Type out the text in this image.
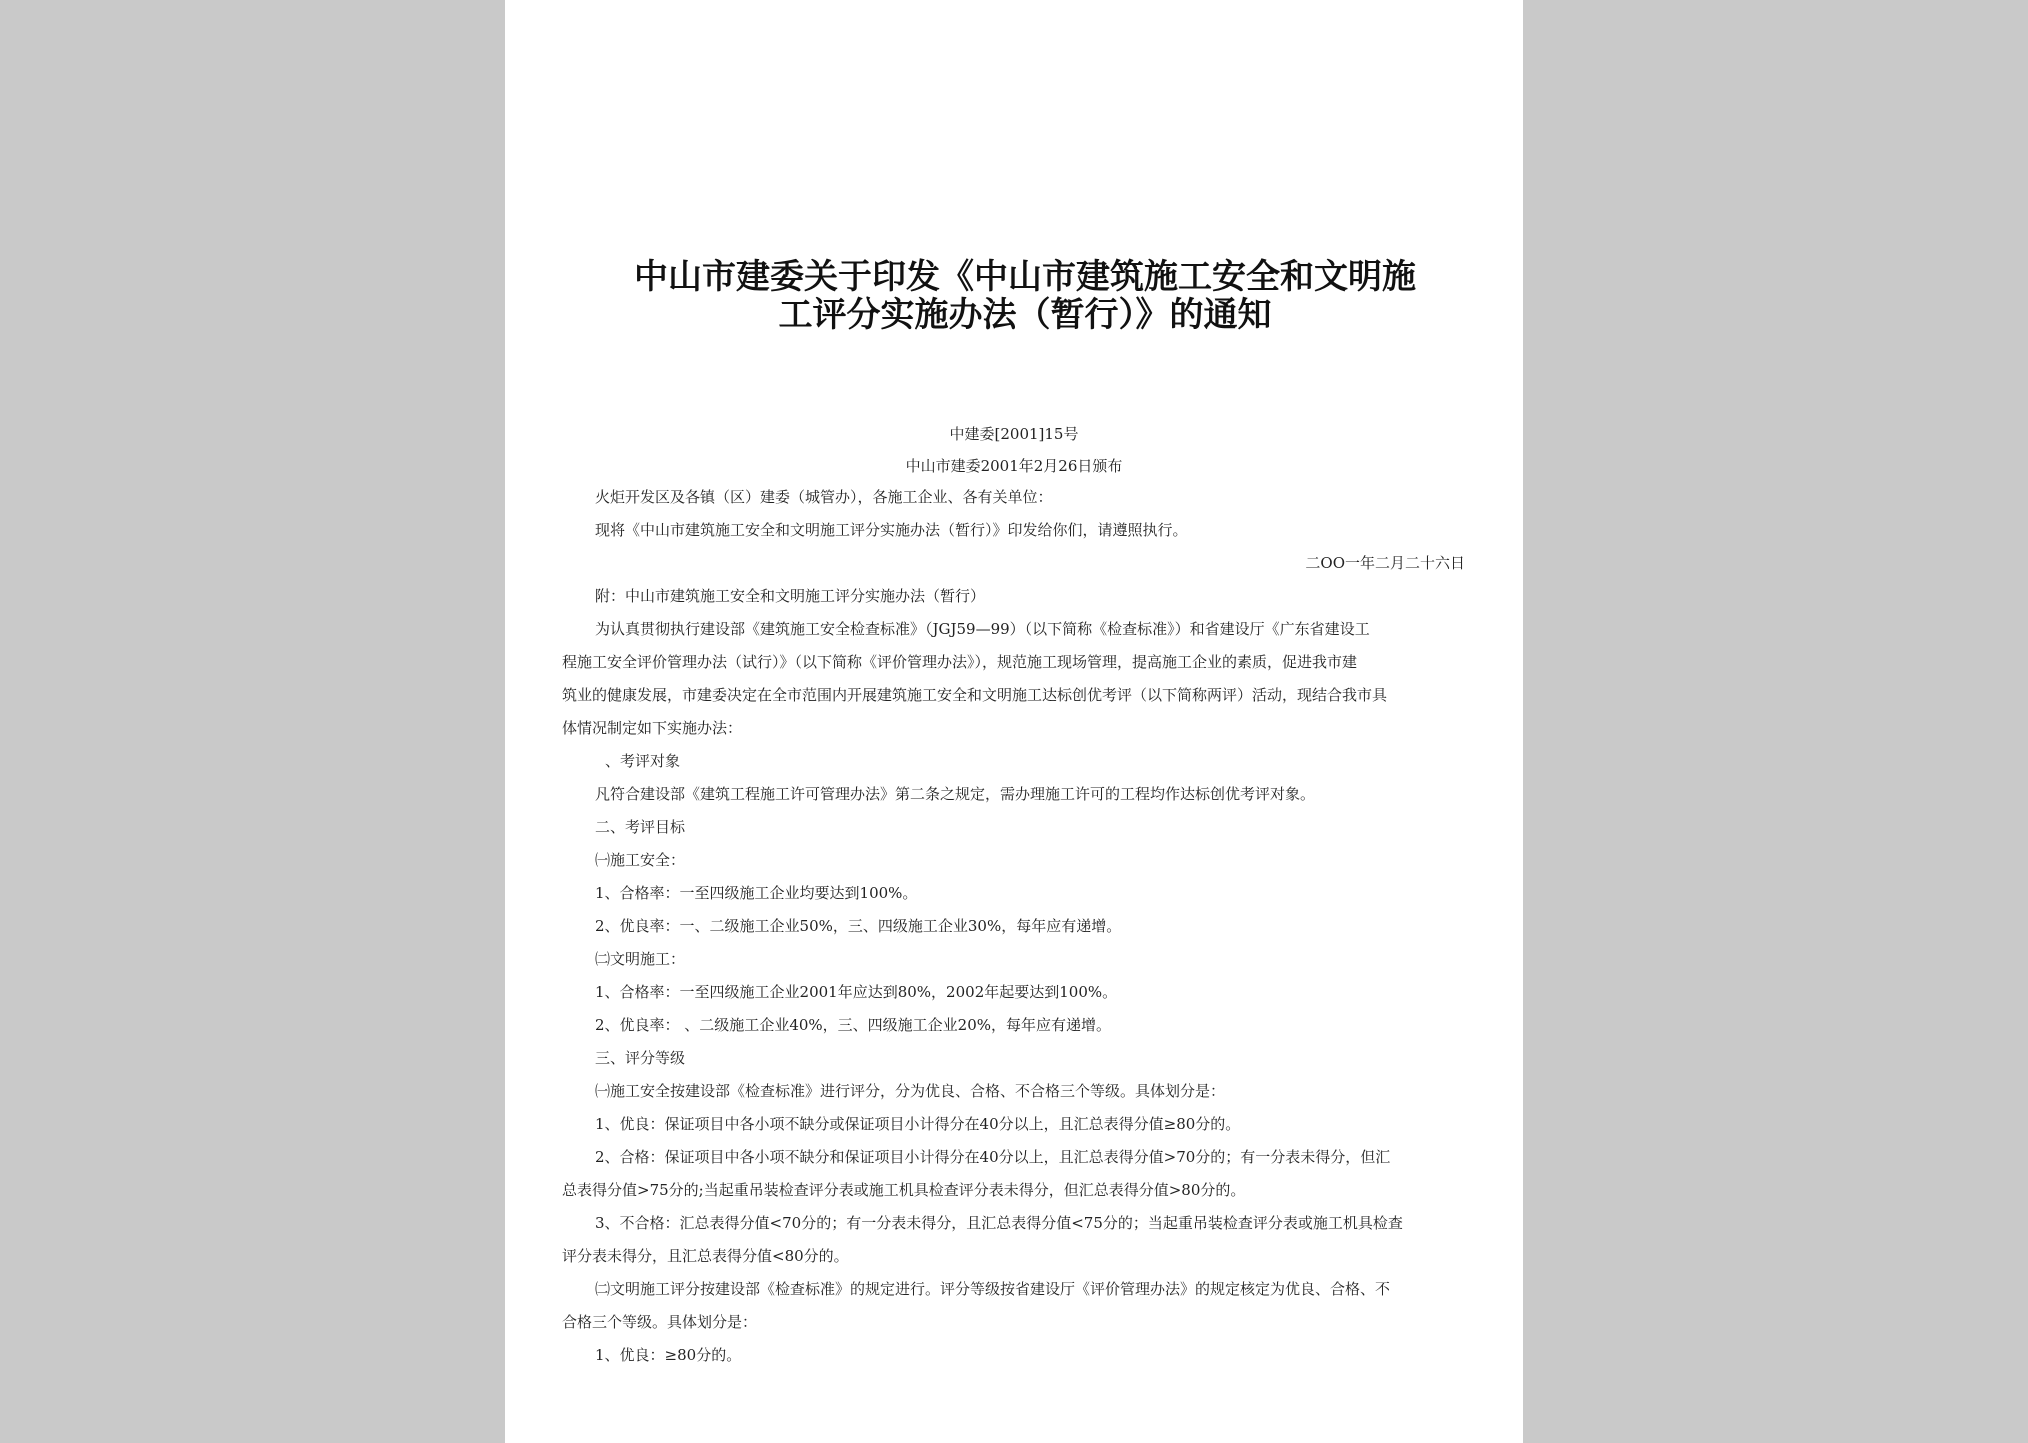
中山市建委关于印发《中山市建筑施工安全和文明施
工评分实施办法（暂行）》的通知
中建委[2001]15号
中山市建委2001年2月26日颁布
火炬开发区及各镇（区）建委（城管办），各施工企业、各有关单位：
现将《中山市建筑施工安全和文明施工评分实施办法（暂行）》印发给你们，请遵照执行。
二OO一年二月二十六日
附：中山市建筑施工安全和文明施工评分实施办法（暂行）
为认真贯彻执行建设部《建筑施工安全检查标准》（JGJ59—99）（以下简称《检查标准》）和省建设厅《广东省建设工
程施工安全评价管理办法（试行）》（以下简称《评价管理办法》），规范施工现场管理，提高施工企业的素质，促进我市建
筑业的健康发展，市建委决定在全市范围内开展建筑施工安全和文明施工达标创优考评（以下简称两评）活动，现结合我市具
体情况制定如下实施办法：
、考评对象
凡符合建设部《建筑工程施工许可管理办法》第二条之规定，需办理施工许可的工程均作达标创优考评对象。
二、考评目标
㈠施工安全：
1、合格率：一至四级施工企业均要达到100%。
2、优良率：一、二级施工企业50%，三、四级施工企业30%，每年应有递增。
㈡文明施工：
1、合格率：一至四级施工企业2001年应达到80%，2002年起要达到100%。
2、优良率： 、二级施工企业40%，三、四级施工企业20%，每年应有递增。
三、评分等级
㈠施工安全按建设部《检查标准》进行评分，分为优良、合格、不合格三个等级。具体划分是：
1、优良：保证项目中各小项不缺分或保证项目小计得分在40分以上，且汇总表得分值≥80分的。
2、合格：保证项目中各小项不缺分和保证项目小计得分在40分以上，且汇总表得分值>70分的；有一分表未得分，但汇
总表得分值>75分的;当起重吊装检查评分表或施工机具检查评分表未得分，但汇总表得分值>80分的。
3、不合格：汇总表得分值<70分的；有一分表未得分，且汇总表得分值<75分的；当起重吊装检查评分表或施工机具检查
评分表未得分，且汇总表得分值<80分的。
㈡文明施工评分按建设部《检查标准》的规定进行。评分等级按省建设厅《评价管理办法》的规定核定为优良、合格、不
合格三个等级。具体划分是：
1、优良：≥80分的。
